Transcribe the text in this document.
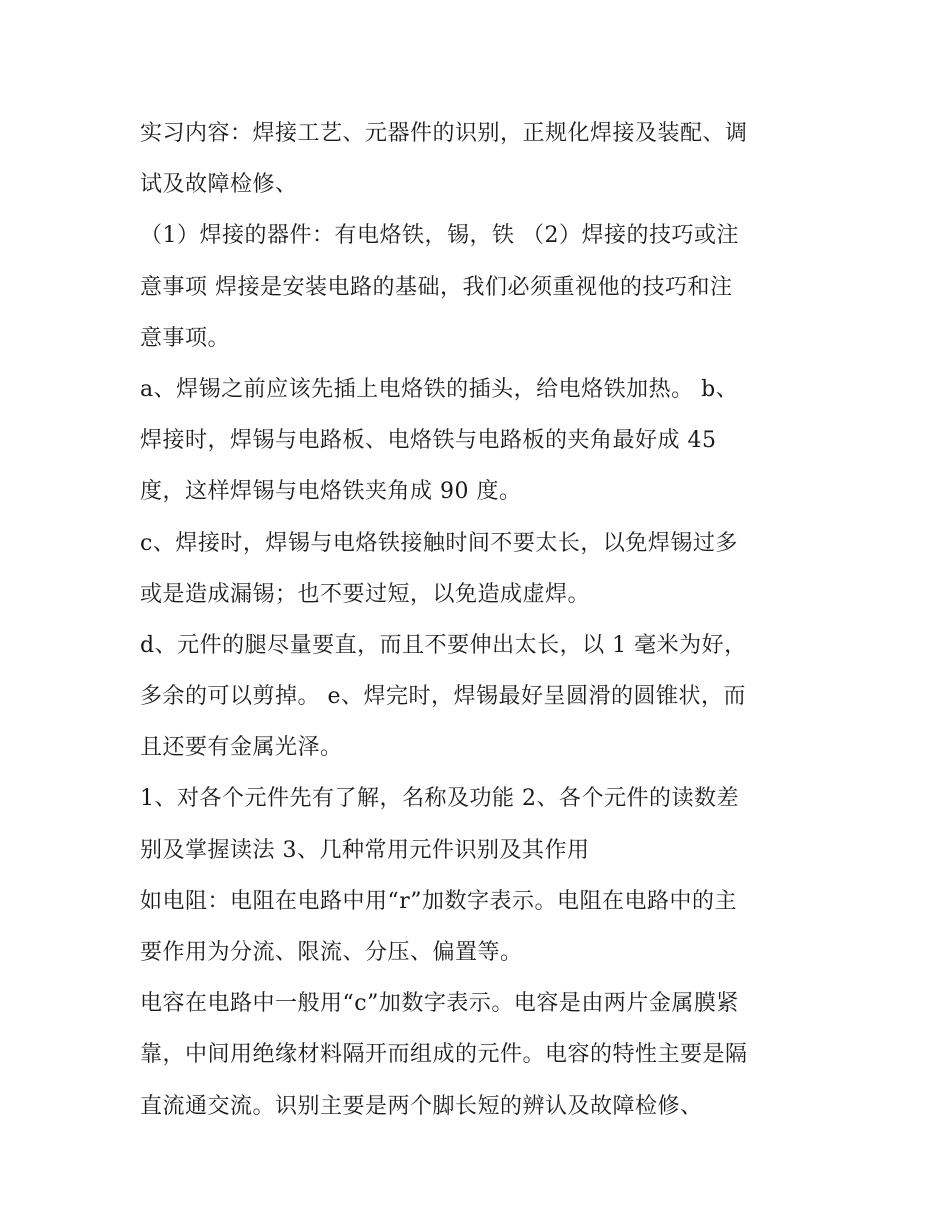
实习内容：焊接工艺、元器件的识别，正规化焊接及装配、调
试及故障检修、
（1）焊接的器件：有电烙铁，锡，铁 （2）焊接的技巧或注
意事项 焊接是安装电路的基础，我们必须重视他的技巧和注
意事项。
a、焊锡之前应该先插上电烙铁的插头，给电烙铁加热。 b、
焊接时，焊锡与电路板、电烙铁与电路板的夹角最好成 45
度，这样焊锡与电烙铁夹角成 90 度。
c、焊接时，焊锡与电烙铁接触时间不要太长，以免焊锡过多
或是造成漏锡；也不要过短，以免造成虚焊。
d、元件的腿尽量要直，而且不要伸出太长，以 1 毫米为好，
多余的可以剪掉。 e、焊完时，焊锡最好呈圆滑的圆锥状，而
且还要有金属光泽。
1、对各个元件先有了解，名称及功能 2、各个元件的读数差
别及掌握读法 3、几种常用元件识别及其作用
如电阻：电阻在电路中用“r”加数字表示。电阻在电路中的主
要作用为分流、限流、分压、偏置等。
电容在电路中一般用“c”加数字表示。电容是由两片金属膜紧
靠，中间用绝缘材料隔开而组成的元件。电容的特性主要是隔
直流通交流。识别主要是两个脚长短的辨认及故障检修、
